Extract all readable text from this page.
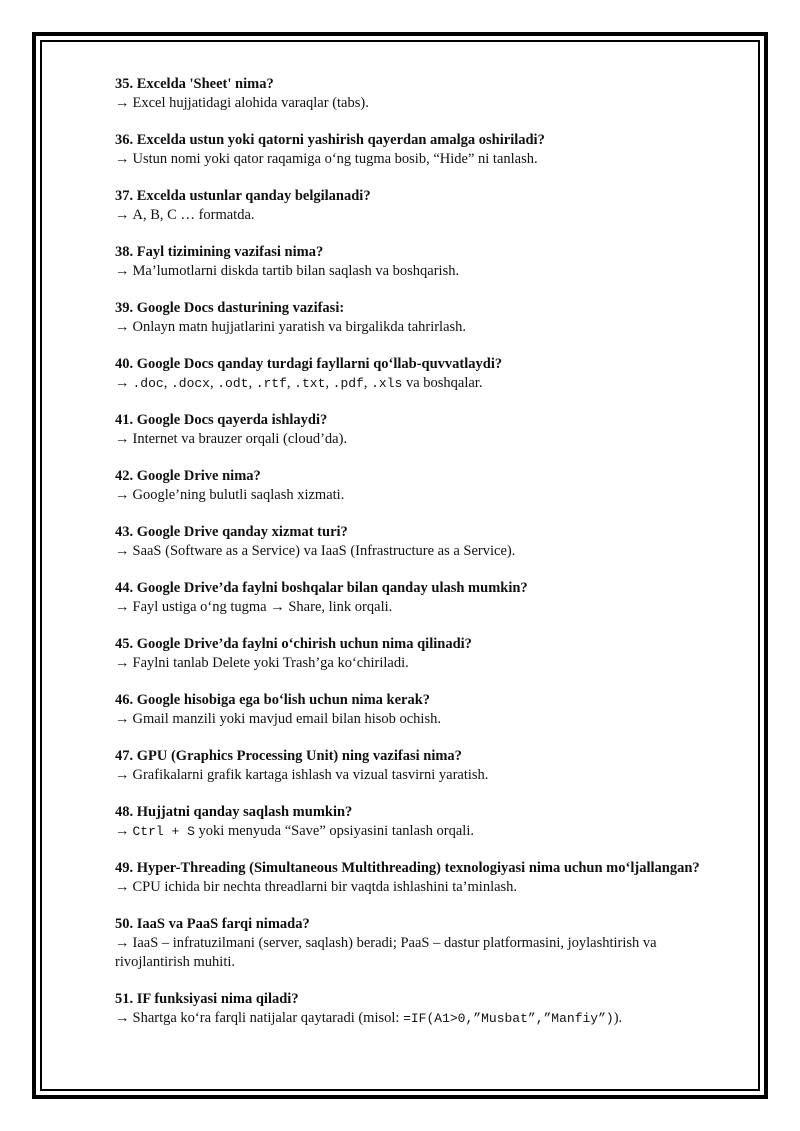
35. Excelda 'Sheet' nima?
→ Excel hujjatidagi alohida varaqlar (tabs).
36. Excelda ustun yoki qatorni yashirish qayerdan amalga oshiriladi?
→ Ustun nomi yoki qator raqamiga o‘ng tugma bosib, “Hide” ni tanlash.
37. Excelda ustunlar qanday belgilanadi?
→ A, B, C … formatda.
38. Fayl tizimining vazifasi nima?
→ Ma’lumotlarni diskda tartib bilan saqlash va boshqarish.
39. Google Docs dasturining vazifasi:
→ Onlayn matn hujjatlarini yaratish va birgalikda tahrirlash.
40. Google Docs qanday turdagi fayllarni qo‘llab-quvvatlaydi?
→ .doc, .docx, .odt, .rtf, .txt, .pdf, .xls va boshqalar.
41. Google Docs qayerda ishlaydi?
→ Internet va brauzer orqali (cloud’da).
42. Google Drive nima?
→ Google’ning bulutli saqlash xizmati.
43. Google Drive qanday xizmat turi?
→ SaaS (Software as a Service) va IaaS (Infrastructure as a Service).
44. Google Drive’da faylni boshqalar bilan qanday ulash mumkin?
→ Fayl ustiga o‘ng tugma → Share, link orqali.
45. Google Drive’da faylni o‘chirish uchun nima qilinadi?
→ Faylni tanlab Delete yoki Trash’ga ko‘chiriladi.
46. Google hisobiga ega bo‘lish uchun nima kerak?
→ Gmail manzili yoki mavjud email bilan hisob ochish.
47. GPU (Graphics Processing Unit) ning vazifasi nima?
→ Grafikalarni grafik kartaga ishlash va vizual tasvirni yaratish.
48. Hujjatni qanday saqlash mumkin?
→ Ctrl + S yoki menyuda “Save” opsiyasini tanlash orqali.
49. Hyper-Threading (Simultaneous Multithreading) texnologiyasi nima uchun mo‘ljallangan?
→ CPU ichida bir nechta threadlarni bir vaqtda ishlashini ta’minlash.
50. IaaS va PaaS farqi nimada?
→ IaaS – infratuzilmani (server, saqlash) beradi; PaaS – dastur platformasini, joylashtirish va rivojlantirish muhiti.
51. IF funksiyasi nima qiladi?
→ Shartga ko‘ra farqli natijalar qaytaradi (misol: =IF(A1>0,”Musbat”,”Manfiy”)).
